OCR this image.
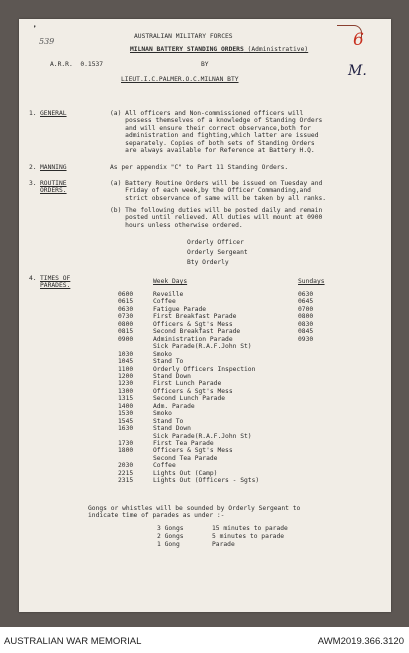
❜
539	6
M.
AUSTRALIAN MILITARY FORCES
MILNAN BATTERY STANDING ORDERS (Administrative)
BY
A.R.R.  0.1537
LIEUT.I.C.PALMER.O.C.MILNAN BTY
1. GENERAL	(a) All officers and Non-commissioned officers will
possess themselves of a knowledge of Standing Orders
and will ensure their correct observance,both for
administration and fighting,which latter are issued
separately. Copies of both sets of Standing Orders
are always available for Reference at Battery H.Q.
2. MANNING	As per appendix "C" to Part 11 Standing Orders.
3. ROUTINE
ORDERS.
(a) Battery Routine Orders will be issued on Tuesday and
Friday of each week,by the Officer Commanding,and
strict observance of same will be taken by all ranks.
(b) The following duties will be posted daily and remain
posted until relieved. All duties will mount at 0900
hours unless otherwise ordered.
Orderly Officer
Orderly Sergeant
Bty Orderly
4. TIMES OF
PARADES.
Week Days	Sundays
0600	Reveille	0630
0615	Coffee	0645
0630	Fatigue Parade	0700
0730	First Breakfast Parade	0800
0800	Officers & Sgt's Mess	0830
0815	Second Breakfast Parade	0845
0900	Administration Parade	0930
Sick Parade(R.A.F.John St)
1030	Smoko
1045	Stand To
1100	Orderly Officers Inspection
1200	Stand Down
1230	First Lunch Parade
1300	Officers & Sgt's Mess
1315	Second Lunch Parade
1400	Adm. Parade
1530	Smoko
1545	Stand To
1630	Stand Down
Sick Parade(R.A.F.John St)
1730	First Tea Parade
1800	Officers & Sgt's Mess
Second Tea Parade
2030	Coffee
2215	Lights Out (Camp)
2315	Lights Out (Officers - Sgts)
Gongs or whistles will be sounded by Orderly Sergeant to
indicate time of parades as under :-
3 Gongs	15 minutes to parade
2 Gongs	5 minutes to parade
1 Gong	Parade
AUSTRALIAN WAR MEMORIAL	AWM2019.366.3120
